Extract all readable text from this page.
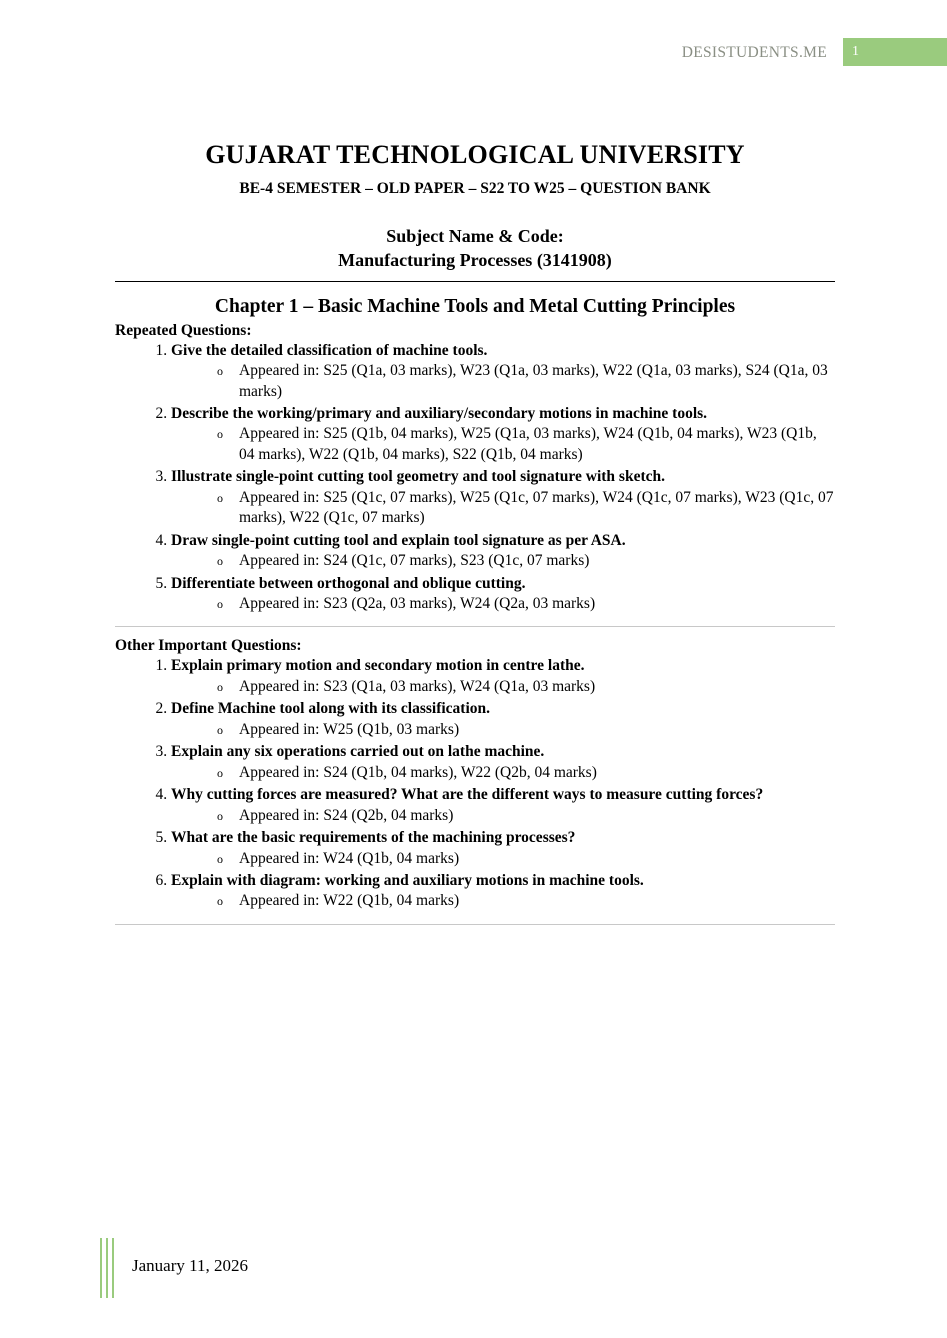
DESISTUDENTS.ME 1
GUJARAT TECHNOLOGICAL UNIVERSITY
BE-4 SEMESTER – OLD PAPER – S22 TO W25 – QUESTION BANK
Subject Name & Code:
Manufacturing Processes (3141908)
Chapter 1 – Basic Machine Tools and Metal Cutting Principles
Repeated Questions:
1. Give the detailed classification of machine tools.
o Appeared in: S25 (Q1a, 03 marks), W23 (Q1a, 03 marks), W22 (Q1a, 03 marks), S24 (Q1a, 03 marks)
2. Describe the working/primary and auxiliary/secondary motions in machine tools.
o Appeared in: S25 (Q1b, 04 marks), W25 (Q1a, 03 marks), W24 (Q1b, 04 marks), W23 (Q1b, 04 marks), W22 (Q1b, 04 marks), S22 (Q1b, 04 marks)
3. Illustrate single-point cutting tool geometry and tool signature with sketch.
o Appeared in: S25 (Q1c, 07 marks), W25 (Q1c, 07 marks), W24 (Q1c, 07 marks), W23 (Q1c, 07 marks), W22 (Q1c, 07 marks)
4. Draw single-point cutting tool and explain tool signature as per ASA.
o Appeared in: S24 (Q1c, 07 marks), S23 (Q1c, 07 marks)
5. Differentiate between orthogonal and oblique cutting.
o Appeared in: S23 (Q2a, 03 marks), W24 (Q2a, 03 marks)
Other Important Questions:
1. Explain primary motion and secondary motion in centre lathe.
o Appeared in: S23 (Q1a, 03 marks), W24 (Q1a, 03 marks)
2. Define Machine tool along with its classification.
o Appeared in: W25 (Q1b, 03 marks)
3. Explain any six operations carried out on lathe machine.
o Appeared in: S24 (Q1b, 04 marks), W22 (Q2b, 04 marks)
4. Why cutting forces are measured? What are the different ways to measure cutting forces?
o Appeared in: S24 (Q2b, 04 marks)
5. What are the basic requirements of the machining processes?
o Appeared in: W24 (Q1b, 04 marks)
6. Explain with diagram: working and auxiliary motions in machine tools.
o Appeared in: W22 (Q1b, 04 marks)
January 11, 2026
